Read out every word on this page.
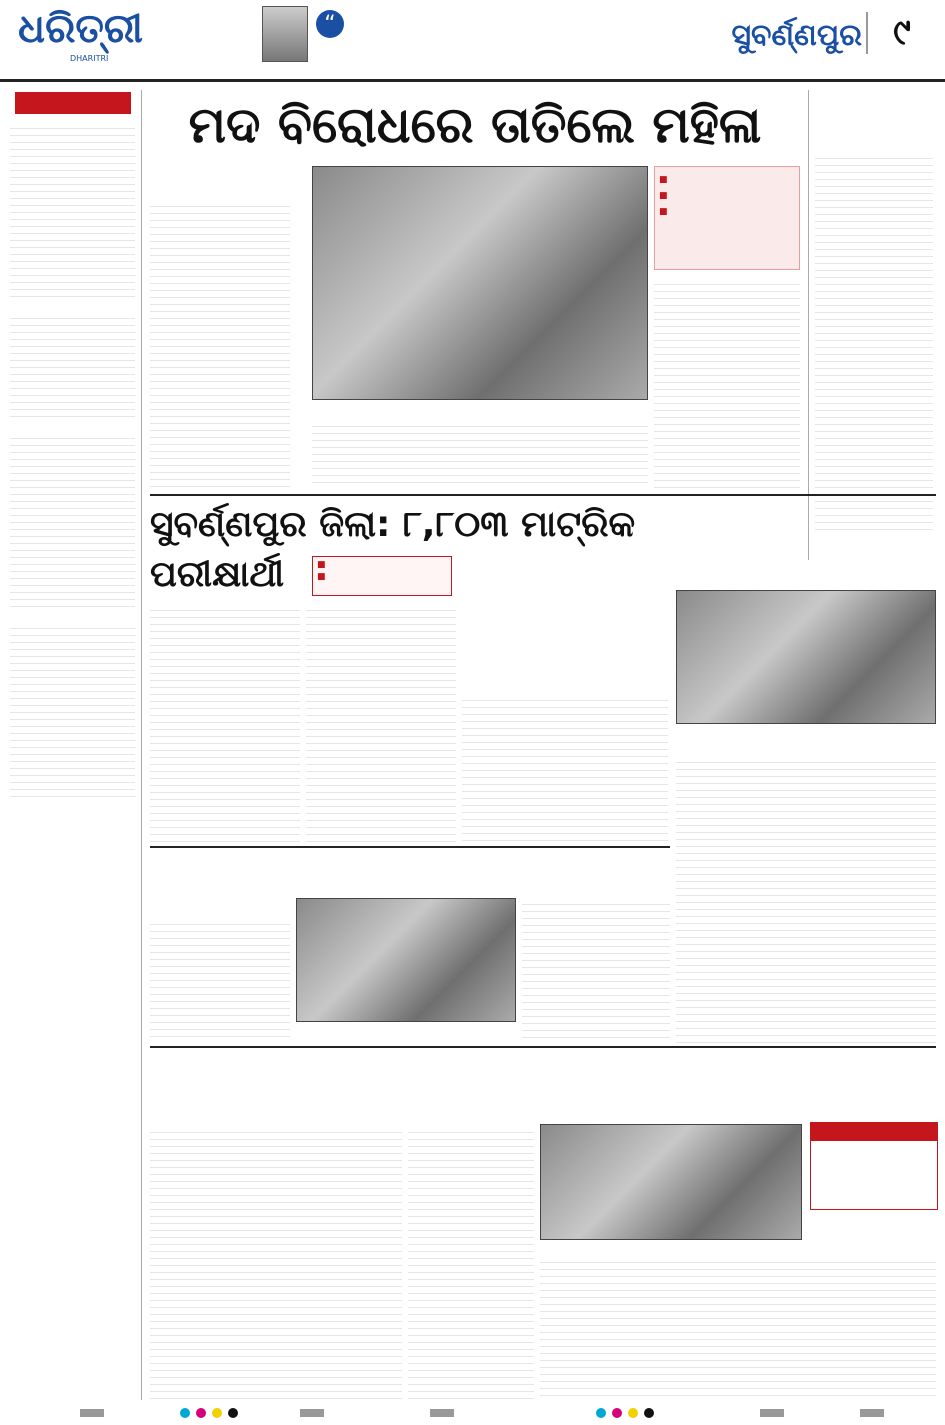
ଧରିତ୍ରୀ
DHARITRI
“	ସୁବର୍ଣ୍ଣପୁର ୯

ମଦ ବିରୋଧରେ ତାତିଲେ ମହିଳା
■
■
■
ସୁବର୍ଣ୍ଣପୁର ଜିଲା: ୮,୮୦୩ ମାଟ୍ରିକ ପରୀକ୍ଷାର୍ଥୀ
■
■
